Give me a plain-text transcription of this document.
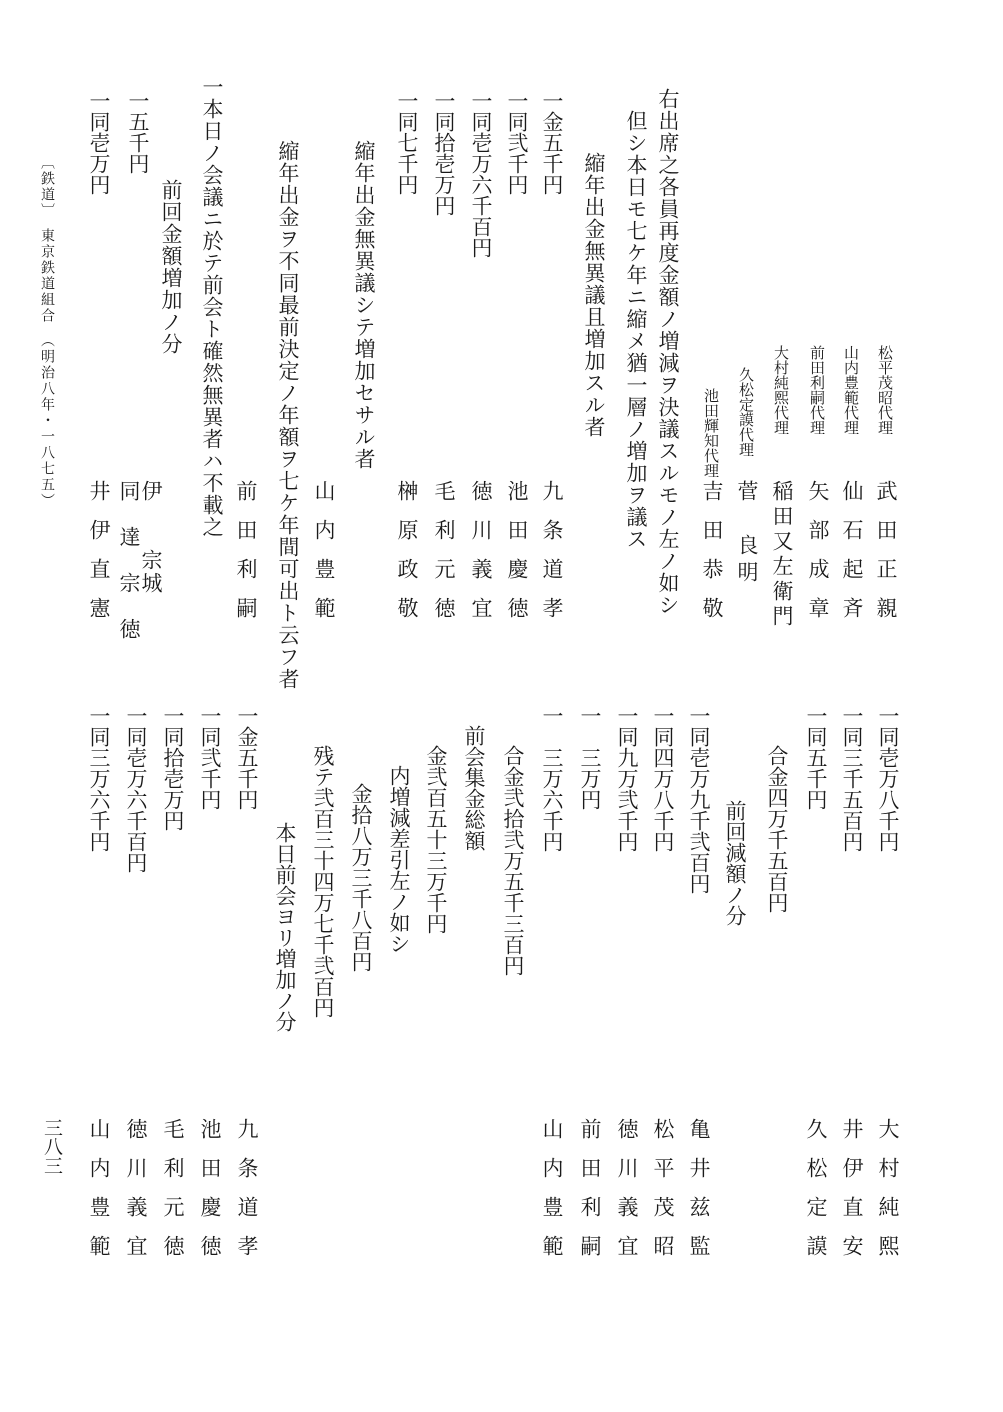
松平茂昭代理
武田正親
山内豊範代理
仙石起斉
前田利嗣代理
矢部成章
大村純熙代理
稲田又左衛門
久松定謨代理
菅　良明
池田輝知代理
吉田恭敬
右出席之各員再度金額ノ増減ヲ決議スルモノ左ノ如シ
但シ本日モ七ケ年ニ縮メ猶一層ノ増加ヲ議ス
縮年出金無異議且増加スル者
一金五千円
九条道孝
一同弐千円
池田慶徳
一同壱万六千百円
徳川義宜
一同拾壱万円
毛利元徳
一同七千円
榊原政敬
縮年出金無異議シテ増加セサル者
山内豊範
縮年出金ヲ不同最前決定ノ年額ヲ七ケ年間可出ト云フ者
前田利嗣
一本日ノ会議ニ於テ前会ト確然無異者ハ不載之
前回金額増加ノ分
一五千円
伊　　宗城
同　達　宗　徳
一同壱万円
井伊直憲
〔鉄道〕　東京鉄道組合　（明治八年・一八七五）
一同壱万八千円
一同三千五百円
一同五千円
合金四万千五百円
前回減額ノ分
一同壱万九千弐百円
一同四万八千円
一同九万弐千円
一　三万円
一　三万六千円
合金弐拾弐万五千三百円
前会集金総額
金弐百五十三万千円
内増減差引左ノ如シ
金拾八万三千八百円
残テ弐百三十四万七千弐百円
本日前会ヨリ増加ノ分
一金五千円
一同弐千円
一同拾壱万円
一同壱万六千百円
一同三万六千円
大村純熙
井伊直安
久松定謨
亀井兹監
松平茂昭
徳川義宜
前田利嗣
山内豊範
九条道孝
池田慶徳
毛利元徳
徳川義宜
山内豊範
三八三
